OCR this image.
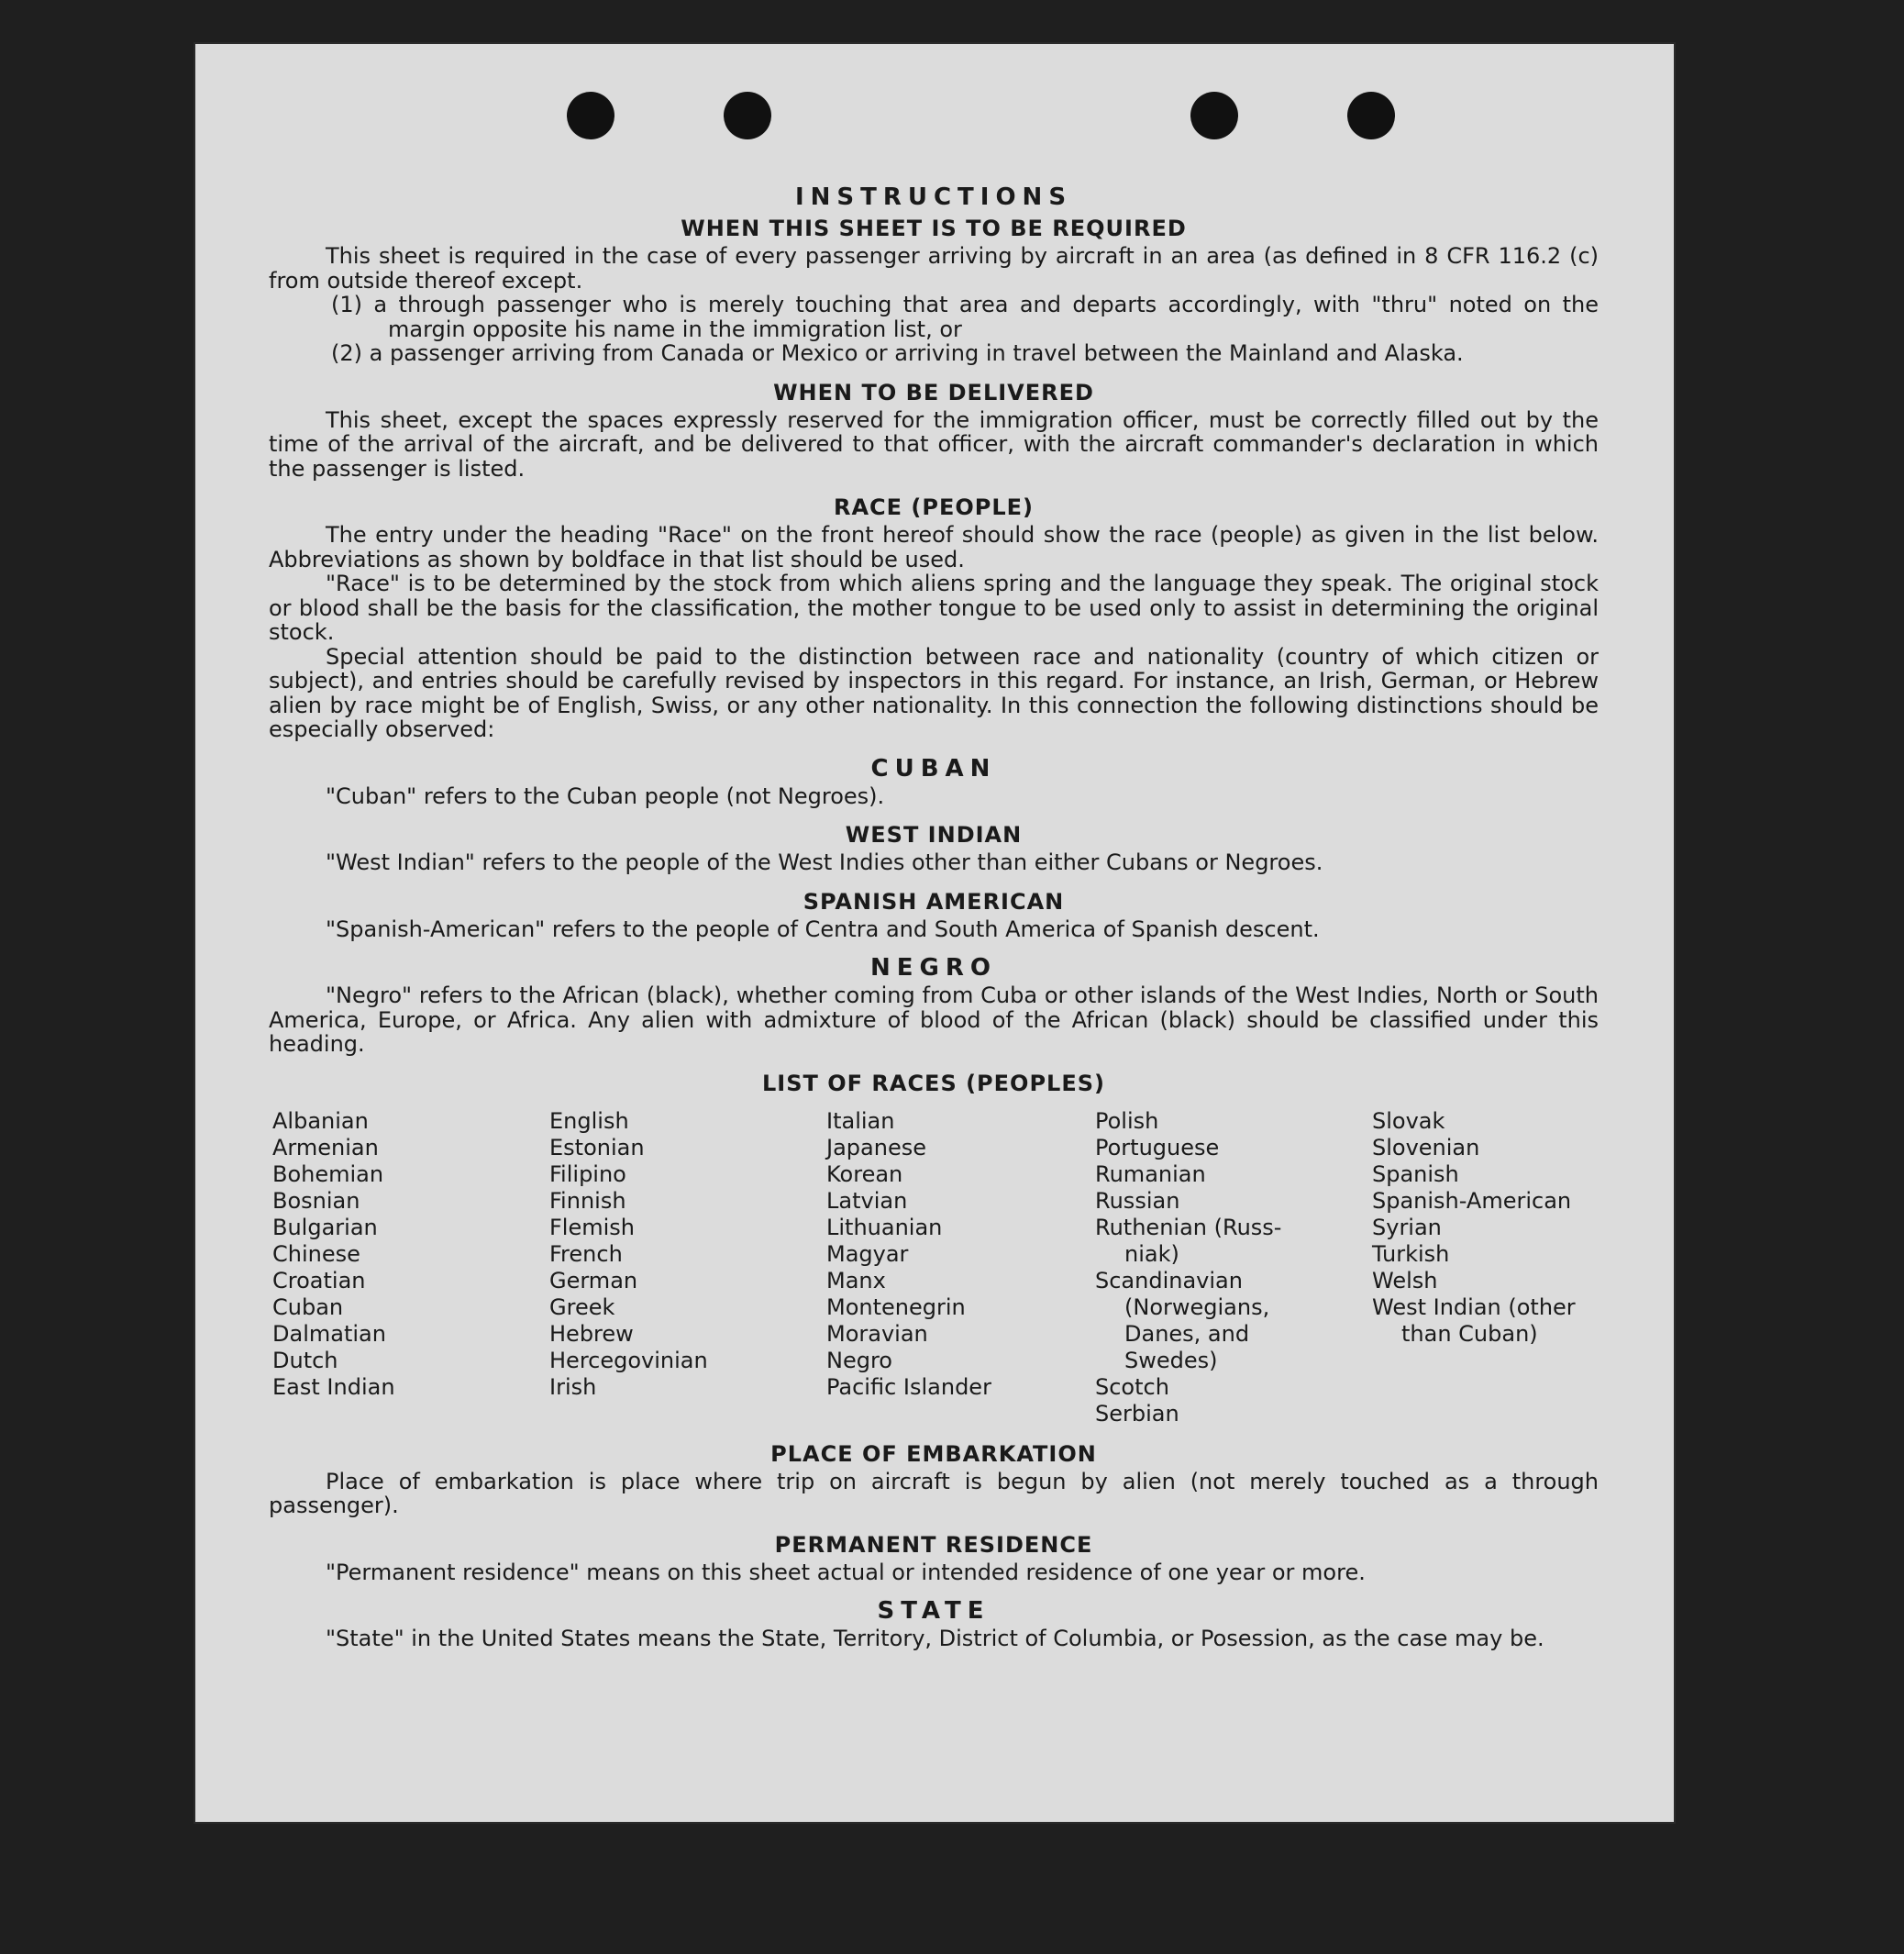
INSTRUCTIONS
WHEN THIS SHEET IS TO BE REQUIRED

This sheet is required in the case of every passenger arriving by aircraft in an area (as defined in 8 CFR 116.2 (c) from outside thereof except.

(1) a through passenger who is merely touching that area and departs accordingly, with "thru" noted on the margin opposite his name in the immigration list, or

(2) a passenger arriving from Canada or Mexico or arriving in travel between the Mainland and Alaska.

WHEN TO BE DELIVERED

This sheet, except the spaces expressly reserved for the immigration officer, must be correctly filled out by the time of the arrival of the aircraft, and be delivered to that officer, with the aircraft commander's declaration in which the passenger is listed.

RACE (PEOPLE)

The entry under the heading "Race" on the front hereof should show the race (people) as given in the list below. Abbreviations as shown by boldface in that list should be used.

"Race" is to be determined by the stock from which aliens spring and the language they speak. The original stock or blood shall be the basis for the classification, the mother tongue to be used only to assist in determining the original stock.

Special attention should be paid to the distinction between race and nationality (country of which citizen or subject), and entries should be carefully revised by inspectors in this regard. For instance, an Irish, German, or Hebrew alien by race might be of English, Swiss, or any other nationality. In this connection the following distinctions should be especially observed:

CUBAN

"Cuban" refers to the Cuban people (not Negroes).

WEST INDIAN

"West Indian" refers to the people of the West Indies other than either Cubans or Negroes.

SPANISH AMERICAN

"Spanish-American" refers to the people of Centra and South America of Spanish descent.

NEGRO

"Negro" refers to the African (black), whether coming from Cuba or other islands of the West Indies, North or South America, Europe, or Africa. Any alien with admixture of blood of the African (black) should be classified under this heading.

LIST OF RACES (PEOPLES)
Albanian
Armenian
Bohemian
Bosnian
Bulgarian
Chinese
Croatian
Cuban
Dalmatian
Dutch
East Indian
English
Estonian
Filipino
Finnish
Flemish
French
German
Greek
Hebrew
Hercegovinian
Irish
Italian
Japanese
Korean
Latvian
Lithuanian
Magyar
Manx
Montenegrin
Moravian
Negro
Pacific Islander
Polish
Portuguese
Rumanian
Russian
Ruthenian (Russ-
niak)
Scandinavian
(Norwegians,
Danes, and
Swedes)
Scotch
Serbian
Slovak
Slovenian
Spanish
Spanish-American
Syrian
Turkish
Welsh
West Indian (other
than Cuban)
PLACE OF EMBARKATION

Place of embarkation is place where trip on aircraft is begun by alien (not merely touched as a through passenger).

PERMANENT RESIDENCE

"Permanent residence" means on this sheet actual or intended residence of one year or more.

STATE

"State" in the United States means the State, Territory, District of Columbia, or Posession, as the case may be.
